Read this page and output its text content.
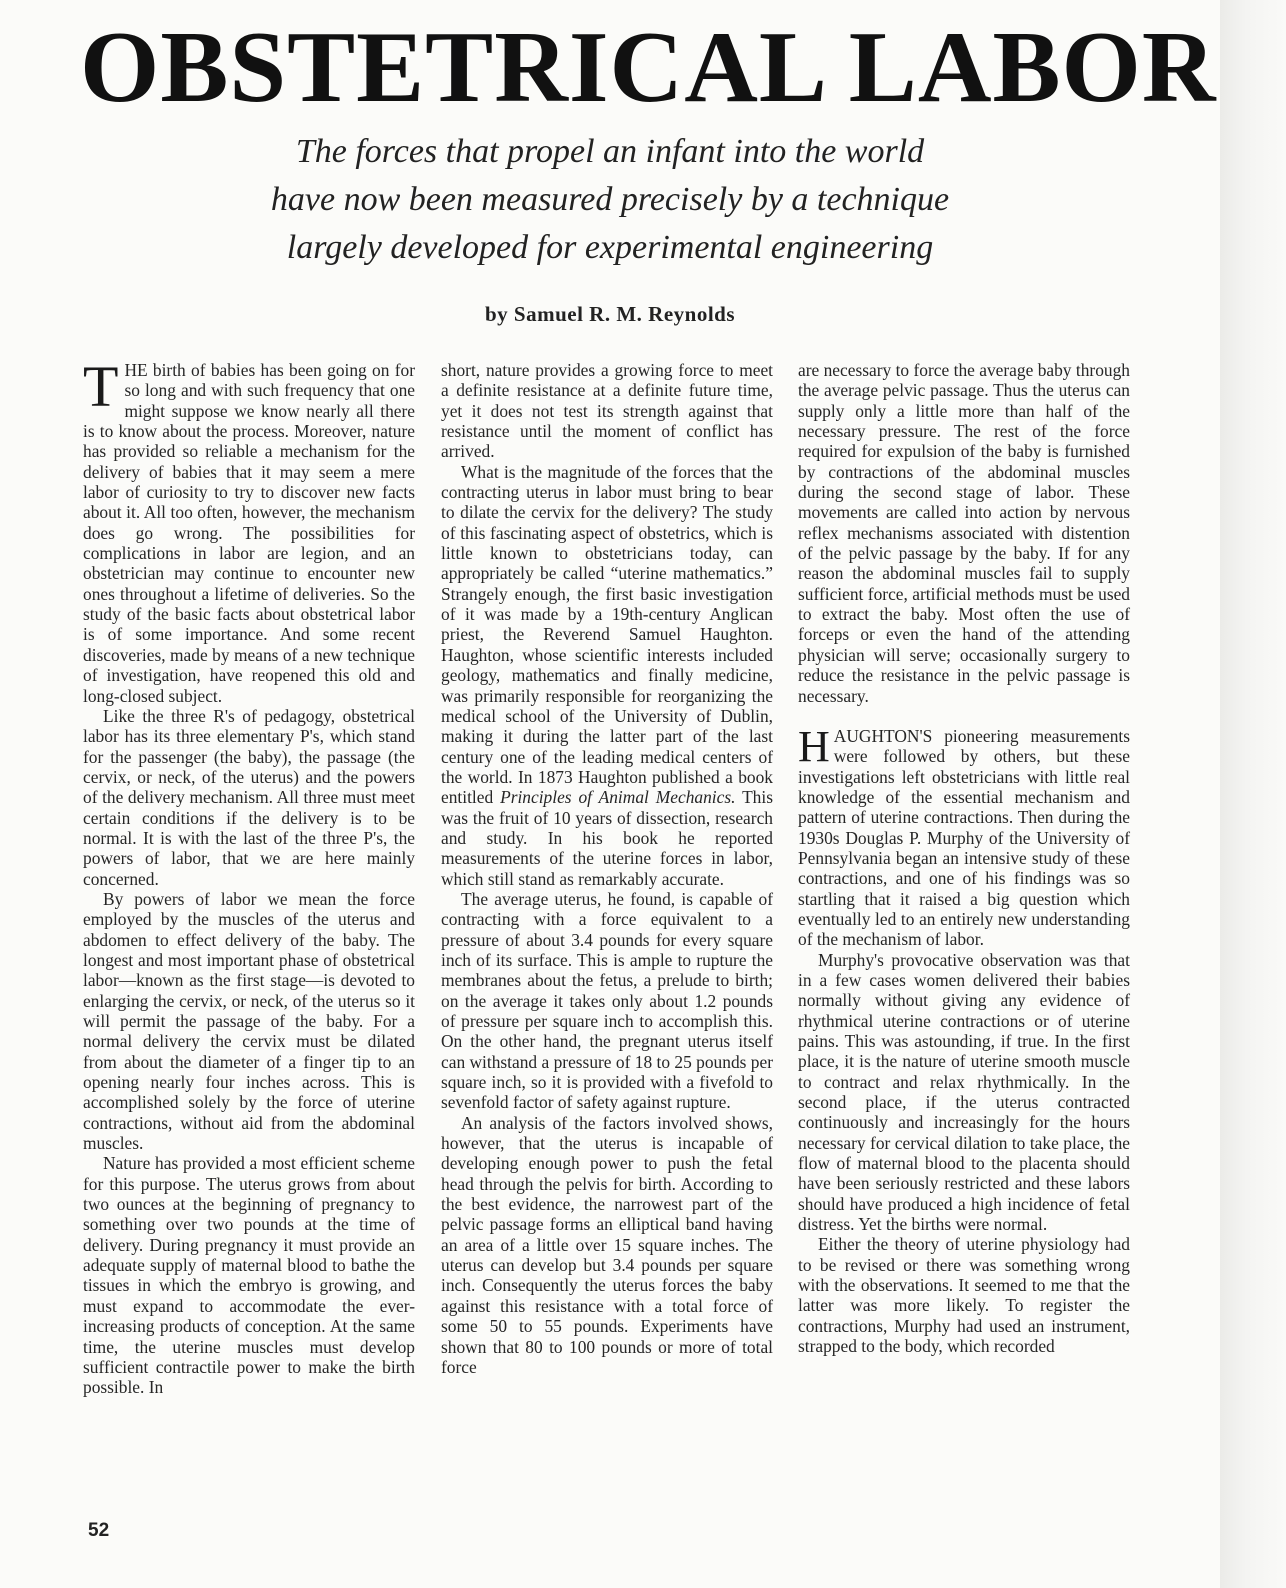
OBSTETRICAL LABOR
The forces that propel an infant into the world
have now been measured precisely by a technique
largely developed for experimental engineering
by Samuel R. M. Reynolds

THE birth of babies has been going on for so long and with such frequency that one might suppose we know nearly all there is to know about the process. Moreover, nature has provided so reliable a mechanism for the delivery of babies that it may seem a mere labor of curiosity to try to discover new facts about it. All too often, however, the mechanism does go wrong. The possibilities for complications in labor are legion, and an obstetrician may continue to encounter new ones throughout a lifetime of deliveries. So the study of the basic facts about obstetrical labor is of some importance. And some recent discoveries, made by means of a new technique of investigation, have reopened this old and long-closed subject.

Like the three R's of pedagogy, obstetrical labor has its three elementary P's, which stand for the passenger (the baby), the passage (the cervix, or neck, of the uterus) and the powers of the delivery mechanism. All three must meet certain conditions if the delivery is to be normal. It is with the last of the three P's, the powers of labor, that we are here mainly concerned.

By powers of labor we mean the force employed by the muscles of the uterus and abdomen to effect delivery of the baby. The longest and most important phase of obstetrical labor—known as the first stage—is devoted to enlarging the cervix, or neck, of the uterus so it will permit the passage of the baby. For a normal delivery the cervix must be dilated from about the diameter of a finger tip to an opening nearly four inches across. This is accomplished solely by the force of uterine contractions, without aid from the abdominal muscles.

Nature has provided a most efficient scheme for this purpose. The uterus grows from about two ounces at the beginning of pregnancy to something over two pounds at the time of delivery. During pregnancy it must provide an adequate supply of maternal blood to bathe the tissues in which the embryo is growing, and must expand to accommodate the ever-increasing products of conception. At the same time, the uterine muscles must develop sufficient contractile power to make the birth possible. In

short, nature provides a growing force to meet a definite resistance at a definite future time, yet it does not test its strength against that resistance until the moment of conflict has arrived.

What is the magnitude of the forces that the contracting uterus in labor must bring to bear to dilate the cervix for the delivery? The study of this fascinating aspect of obstetrics, which is little known to obstetricians today, can appropriately be called “uterine mathematics.” Strangely enough, the first basic investigation of it was made by a 19th-century Anglican priest, the Reverend Samuel Haughton. Haughton, whose scientific interests included geology, mathematics and finally medicine, was primarily responsible for reorganizing the medical school of the University of Dublin, making it during the latter part of the last century one of the leading medical centers of the world. In 1873 Haughton published a book entitled Principles of Animal Mechanics. This was the fruit of 10 years of dissection, research and study. In his book he reported measurements of the uterine forces in labor, which still stand as remarkably accurate.

The average uterus, he found, is capable of contracting with a force equivalent to a pressure of about 3.4 pounds for every square inch of its surface. This is ample to rupture the membranes about the fetus, a prelude to birth; on the average it takes only about 1.2 pounds of pressure per square inch to accomplish this. On the other hand, the pregnant uterus itself can withstand a pressure of 18 to 25 pounds per square inch, so it is provided with a fivefold to sevenfold factor of safety against rupture.

An analysis of the factors involved shows, however, that the uterus is incapable of developing enough power to push the fetal head through the pelvis for birth. According to the best evidence, the narrowest part of the pelvic passage forms an elliptical band having an area of a little over 15 square inches. The uterus can develop but 3.4 pounds per square inch. Consequently the uterus forces the baby against this resistance with a total force of some 50 to 55 pounds. Experiments have shown that 80 to 100 pounds or more of total force

are necessary to force the average baby through the average pelvic passage. Thus the uterus can supply only a little more than half of the necessary pressure. The rest of the force required for expulsion of the baby is furnished by contractions of the abdominal muscles during the second stage of labor. These movements are called into action by nervous reflex mechanisms associated with distention of the pelvic passage by the baby. If for any reason the abdominal muscles fail to supply sufficient force, artificial methods must be used to extract the baby. Most often the use of forceps or even the hand of the attending physician will serve; occasionally surgery to reduce the resistance in the pelvic passage is necessary.

HAUGHTON'S pioneering measurements were followed by others, but these investigations left obstetricians with little real knowledge of the essential mechanism and pattern of uterine contractions. Then during the 1930s Douglas P. Murphy of the University of Pennsylvania began an intensive study of these contractions, and one of his findings was so startling that it raised a big question which eventually led to an entirely new understanding of the mechanism of labor.

Murphy's provocative observation was that in a few cases women delivered their babies normally without giving any evidence of rhythmical uterine contractions or of uterine pains. This was astounding, if true. In the first place, it is the nature of uterine smooth muscle to contract and relax rhythmically. In the second place, if the uterus contracted continuously and increasingly for the hours necessary for cervical dilation to take place, the flow of maternal blood to the placenta should have been seriously restricted and these labors should have produced a high incidence of fetal distress. Yet the births were normal.

Either the theory of uterine physiology had to be revised or there was something wrong with the observations. It seemed to me that the latter was more likely. To register the contractions, Murphy had used an instrument, strapped to the body, which recorded

52
